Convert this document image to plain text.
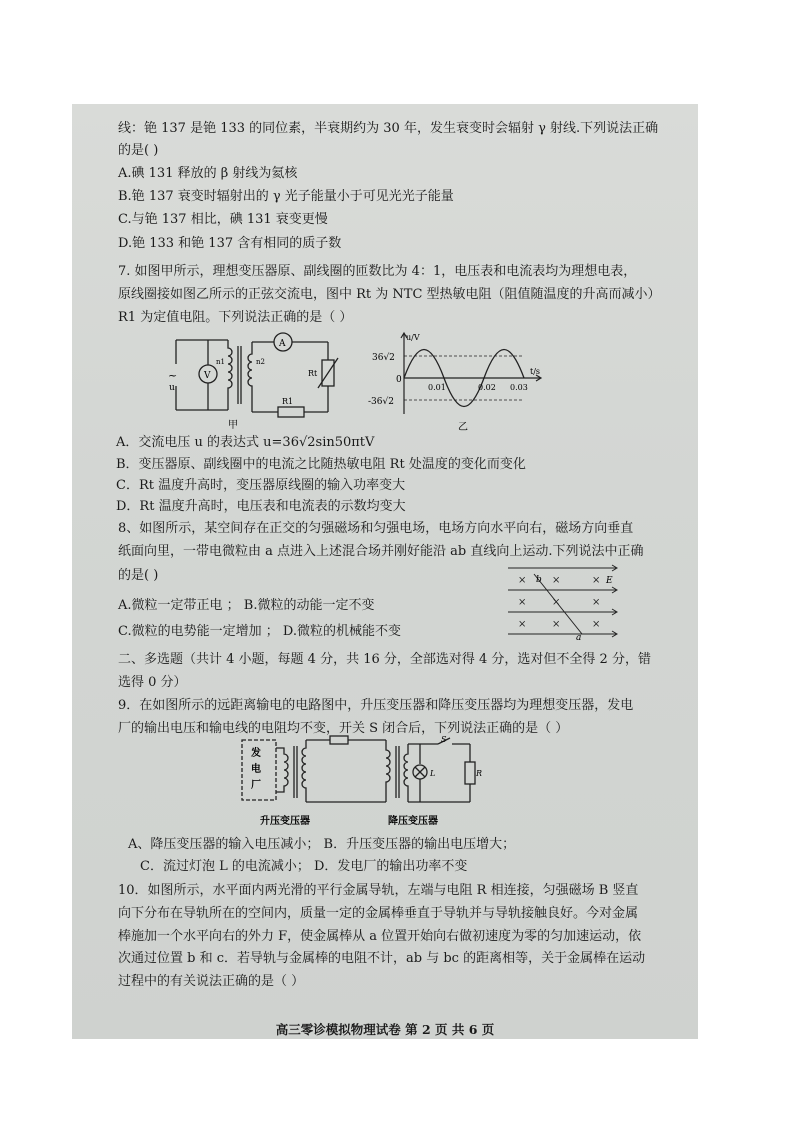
线：铯 137 是铯 133 的同位素，半衰期约为 30 年，发生衰变时会辐射 γ 射线.下列说法正确
的是( )
A.碘 131 释放的 β 射线为氦核
B.铯 137 衰变时辐射出的 γ 光子能量小于可见光光子能量
C.与铯 137 相比，碘 131 衰变更慢
D.铯 133 和铯 137 含有相同的质子数
7. 如图甲所示，理想变压器原、副线圈的匝数比为 4：1，电压表和电流表均为理想电表，
原线圈接如图乙所示的正弦交流电，图中 Rt 为 NTC 型热敏电阻（阻值随温度的升高而减小）
R1 为定值电阻。下列说法正确的是（ ）
~
u
V
A
n1	n2
Rt
R1
甲
u/V
t/s
36√2
0
-36√2
0.01	0.02 0.03
乙
A．交流电压 u 的表达式 u=36√2sin50πtV
B．变压器原、副线圈中的电流之比随热敏电阻 Rt 处温度的变化而变化
C．Rt 温度升高时，变压器原线圈的输入功率变大
D．Rt 温度升高时，电压表和电流表的示数均变大
8、如图所示，某空间存在正交的匀强磁场和匀强电场，电场方向水平向右，磁场方向垂直
纸面向里，一带电微粒由 a 点进入上述混合场并刚好能沿 ab 直线向上运动.下列说法中正确
的是( )
A.微粒一定带正电 ； B.微粒的动能一定不变
C.微粒的电势能一定增加 ； D.微粒的机械能不变
×	×	×
×	×	×
×	×	×
b
a
E
二、多选题（共计 4 小题，每题 4 分，共 16 分，全部选对得 4 分，选对但不全得 2 分，错
选得 0 分）
9．在如图所示的远距离输电的电路图中，升压变压器和降压变压器均为理想变压器，发电
厂的输出电压和输电线的电阻均不变，开关 S 闭合后，下列说法正确的是（ ）
发
电
厂
S
L	R
升压变压器	降压变压器
A、降压变压器的输入电压减小； B．升压变压器的输出电压增大；
C．流过灯泡 L 的电流减小； D．发电厂的输出功率不变
10．如图所示，水平面内两光滑的平行金属导轨，左端与电阻 R 相连接，匀强磁场 B 竖直
向下分布在导轨所在的空间内，质量一定的金属棒垂直于导轨并与导轨接触良好。今对金属
棒施加一个水平向右的外力 F，使金属棒从 a 位置开始向右做初速度为零的匀加速运动，依
次通过位置 b 和 c．若导轨与金属棒的电阻不计，ab 与 bc 的距离相等，关于金属棒在运动
过程中的有关说法正确的是（ ）
高三零诊模拟物理试卷 第 2 页 共 6 页
